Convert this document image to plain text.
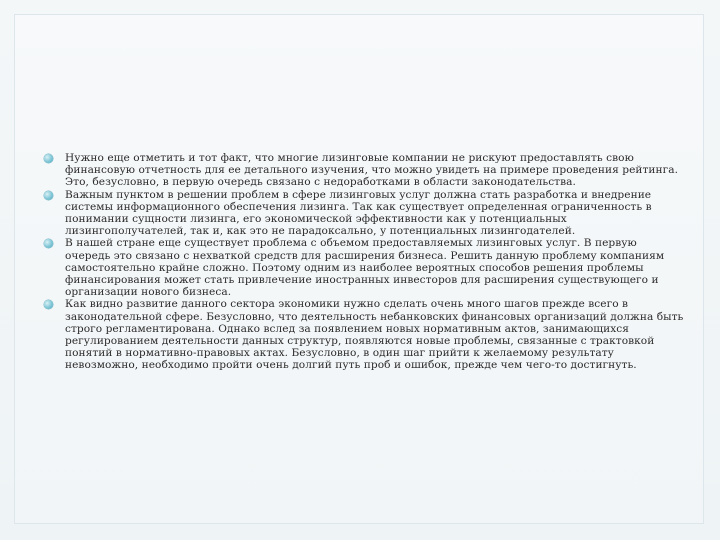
Нужно еще отметить и тот факт, что многие лизинговые компании не рискуют предоставлять свою финансовую отчетность для ее детального изучения, что можно увидеть на примере проведения рейтинга. Это, безусловно, в первую очередь связано с недоработками в области законодательства.
Важным пунктом в решении проблем в сфере лизинговых услуг должна стать разработка и внедрение системы информационного обеспечения лизинга. Так как существует определенная ограниченность в понимании сущности лизинга, его экономической эффективности как у потенциальных лизингополучателей, так и, как это не парадоксально, у потенциальных лизингодателей.
В нашей стране еще существует проблема с объемом предоставляемых лизинговых услуг. В первую очередь это связано с нехваткой средств для расширения бизнеса. Решить данную проблему компаниям самостоятельно крайне сложно. Поэтому одним из наиболее вероятных способов решения проблемы финансирования может стать привлечение иностранных инвесторов для расширения существующего и организации нового бизнеса.
Как видно развитие данного сектора экономики нужно сделать очень много шагов прежде всего в законодательной сфере. Безусловно, что деятельность небанковских финансовых организаций должна быть строго регламентирована. Однако вслед за появлением новых нормативным актов, занимающихся регулированием деятельности данных структур, появляются новые проблемы, связанные с трактовкой понятий в нормативно-правовых актах. Безусловно, в один шаг прийти к желаемому результату невозможно, необходимо пройти очень долгий путь проб и ошибок, прежде чем чего-то достигнуть.
